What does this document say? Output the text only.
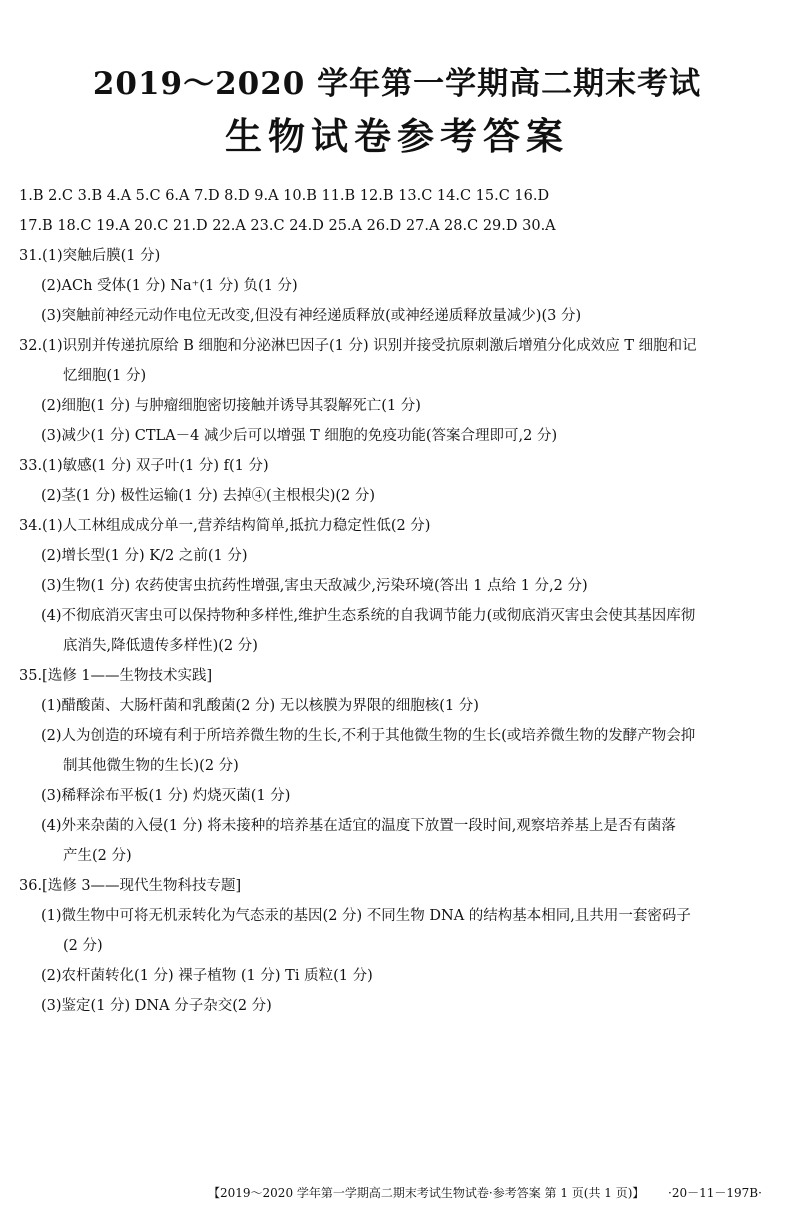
2019～2020 学年第一学期高二期末考试
生物试卷参考答案
1.B 2.C 3.B 4.A 5.C 6.A 7.D 8.D 9.A 10.B 11.B 12.B 13.C 14.C 15.C 16.D
17.B 18.C 19.A 20.C 21.D 22.A 23.C 24.D 25.A 26.D 27.A 28.C 29.D 30.A
31.(1)突触后膜(1 分)
(2)ACh 受体(1 分) Na⁺(1 分) 负(1 分)
(3)突触前神经元动作电位无改变,但没有神经递质释放(或神经递质释放量减少)(3 分)
32.(1)识别并传递抗原给 B 细胞和分泌淋巴因子(1 分) 识别并接受抗原刺激后增殖分化成效应 T 细胞和记
忆细胞(1 分)
(2)细胞(1 分) 与肿瘤细胞密切接触并诱导其裂解死亡(1 分)
(3)减少(1 分) CTLA－4 减少后可以增强 T 细胞的免疫功能(答案合理即可,2 分)
33.(1)敏感(1 分) 双子叶(1 分) f(1 分)
(2)茎(1 分) 极性运输(1 分) 去掉④(主根根尖)(2 分)
34.(1)人工林组成成分单一,营养结构简单,抵抗力稳定性低(2 分)
(2)增长型(1 分) K/2 之前(1 分)
(3)生物(1 分) 农药使害虫抗药性增强,害虫天敌减少,污染环境(答出 1 点给 1 分,2 分)
(4)不彻底消灭害虫可以保持物种多样性,维护生态系统的自我调节能力(或彻底消灭害虫会使其基因库彻
底消失,降低遗传多样性)(2 分)
35.[选修 1——生物技术实践]
(1)醋酸菌、大肠杆菌和乳酸菌(2 分) 无以核膜为界限的细胞核(1 分)
(2)人为创造的环境有利于所培养微生物的生长,不利于其他微生物的生长(或培养微生物的发酵产物会抑
制其他微生物的生长)(2 分)
(3)稀释涂布平板(1 分) 灼烧灭菌(1 分)
(4)外来杂菌的入侵(1 分) 将未接种的培养基在适宜的温度下放置一段时间,观察培养基上是否有菌落
产生(2 分)
36.[选修 3——现代生物科技专题]
(1)微生物中可将无机汞转化为气态汞的基因(2 分) 不同生物 DNA 的结构基本相同,且共用一套密码子
(2 分)
(2)农杆菌转化(1 分) 裸子植物 (1 分) Ti 质粒(1 分)
(3)鉴定(1 分) DNA 分子杂交(2 分)
【2019～2020 学年第一学期高二期末考试生物试卷·参考答案 第 1 页(共 1 页)】 ·20－11－197B·
